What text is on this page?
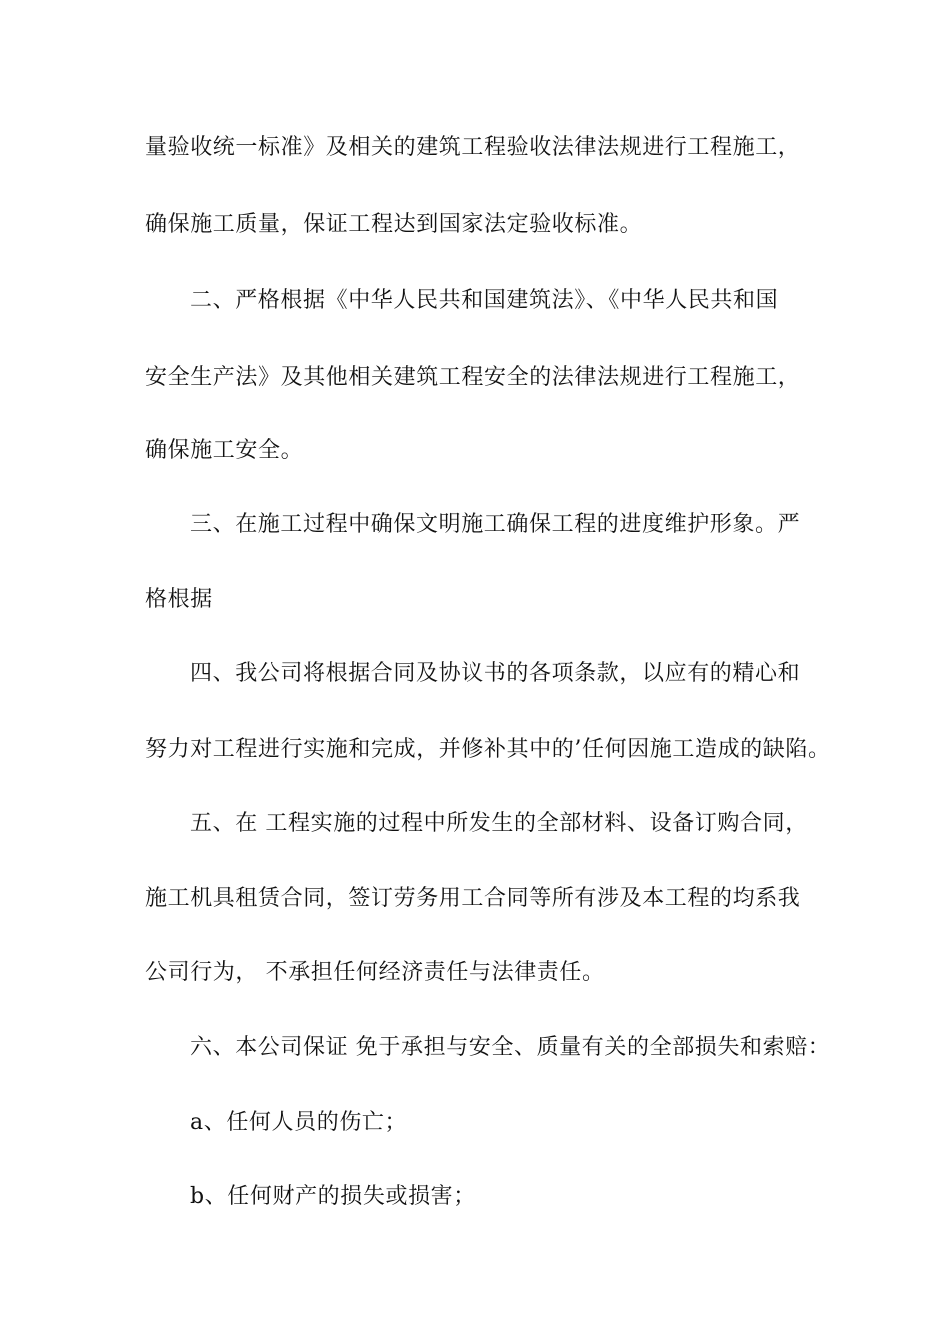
量验收统一标准》及相关的建筑工程验收法律法规进行工程施工，
确保施工质量，保证工程达到国家法定验收标准。
二、严格根据《中华人民共和国建筑法》、《中华人民共和国
安全生产法》及其他相关建筑工程安全的法律法规进行工程施工，
确保施工安全。
三、在施工过程中确保文明施工确保工程的进度维护形象。严
格根据
四、我公司将根据合同及协议书的各项条款，以应有的精心和
努力对工程进行实施和完成，并修补其中的’任何因施工造成的缺陷。
五、在 工程实施的过程中所发生的全部材料、设备订购合同，
施工机具租赁合同，签订劳务用工合同等所有涉及本工程的均系我
公司行为， 不承担任何经济责任与法律责任。
六、本公司保证 免于承担与安全、质量有关的全部损失和索赔：
a、任何人员的伤亡；
b、任何财产的损失或损害；
